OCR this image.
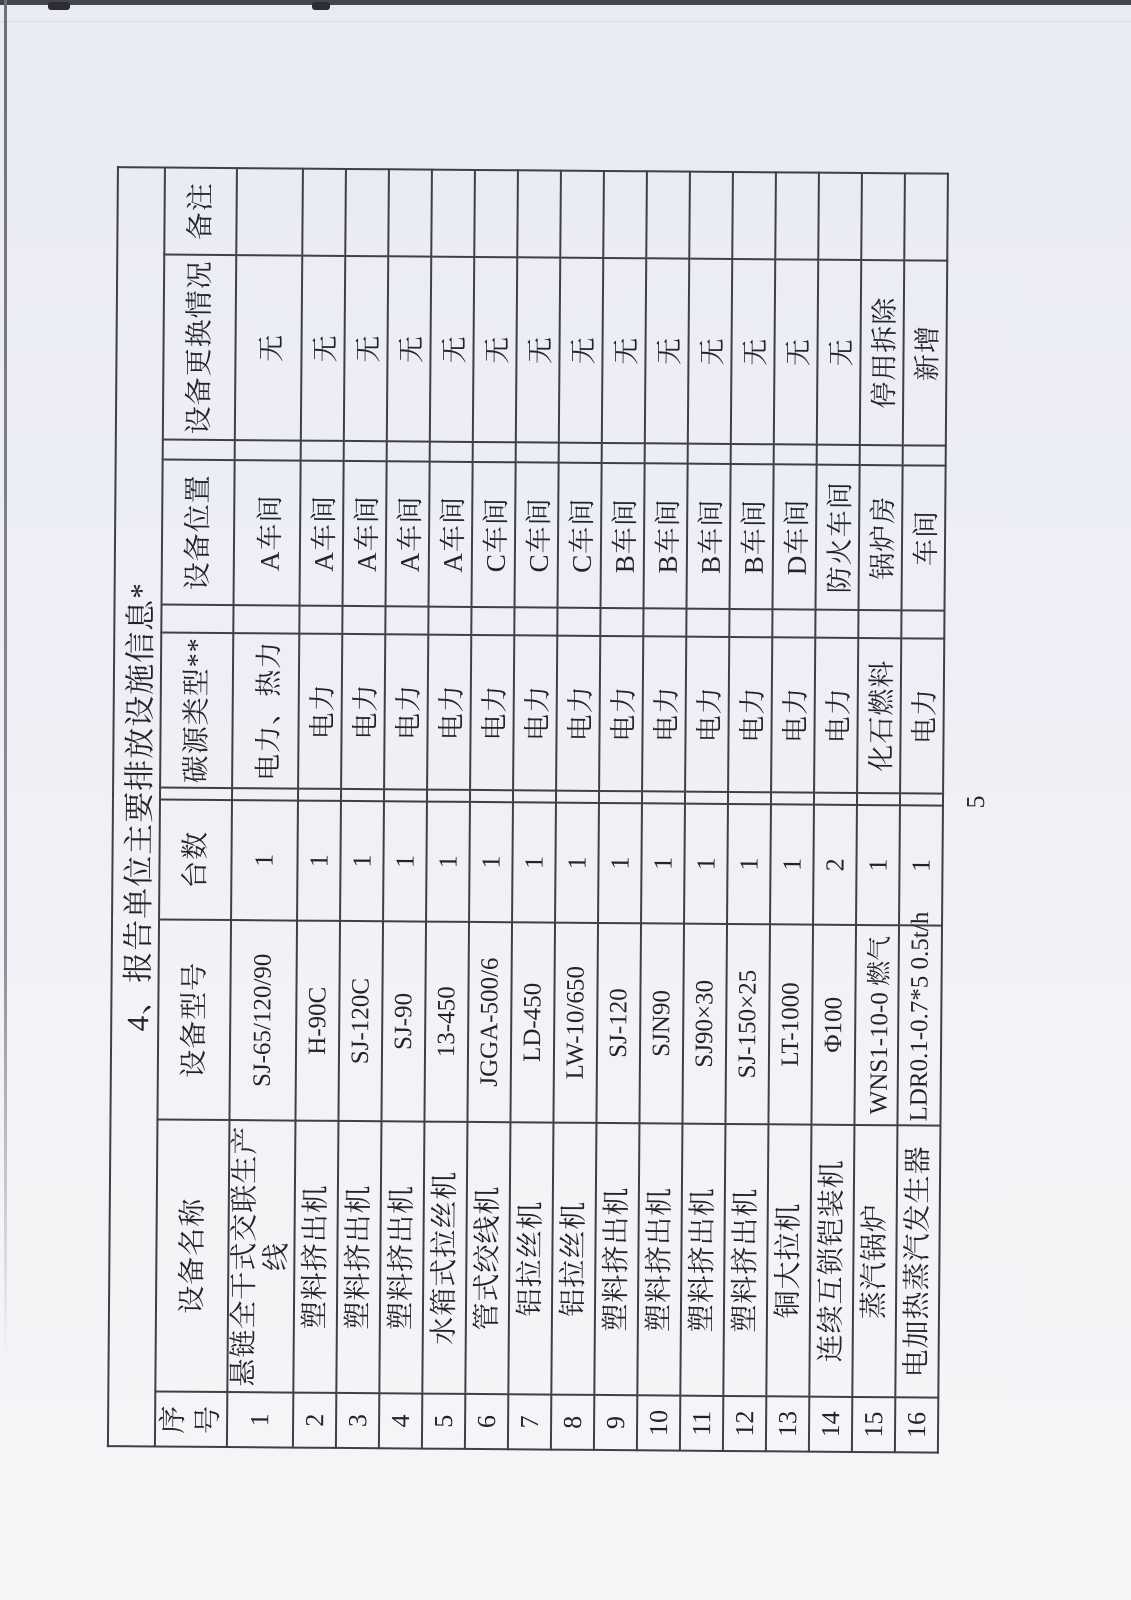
4、报告单位主要排放设施信息*										
序号	设备名称	设备型号	台数		碳源类型**		设备位置		设备更换情况	备注
1	悬链全干式交联生产线	SJ-65/120/90	1		电力、热力		A车间		无	
2	塑料挤出机	H-90C	1		电力		A车间		无	
3	塑料挤出机	SJ-120C	1		电力		A车间		无	
4	塑料挤出机	SJ-90	1		电力		A车间		无	
5	水箱式拉丝机	13-450	1		电力		A车间		无	
6	管式绞线机	JGGA-500/6	1		电力		C车间		无	
7	铝拉丝机	LD-450	1		电力		C车间		无	
8	铝拉丝机	LW-10/650	1		电力		C车间		无	
9	塑料挤出机	SJ-120	1		电力		B车间		无	
10	塑料挤出机	SJN90	1		电力		B车间		无	
11	塑料挤出机	SJ90×30	1		电力		B车间		无	
12	塑料挤出机	SJ-150×25	1		电力		B车间		无	
13	铜大拉机	LT-1000	1		电力		D车间		无	
14	连续互锁铠装机	Φ100	2		电力		防火车间		无	
15	蒸汽锅炉	WNS1-10-0 燃气	1		化石燃料		锅炉房		停用拆除	
16	电加热蒸汽发生器	LDR0.1-0.7*5 0.5t/h	1		电力		车间		新增	
5
